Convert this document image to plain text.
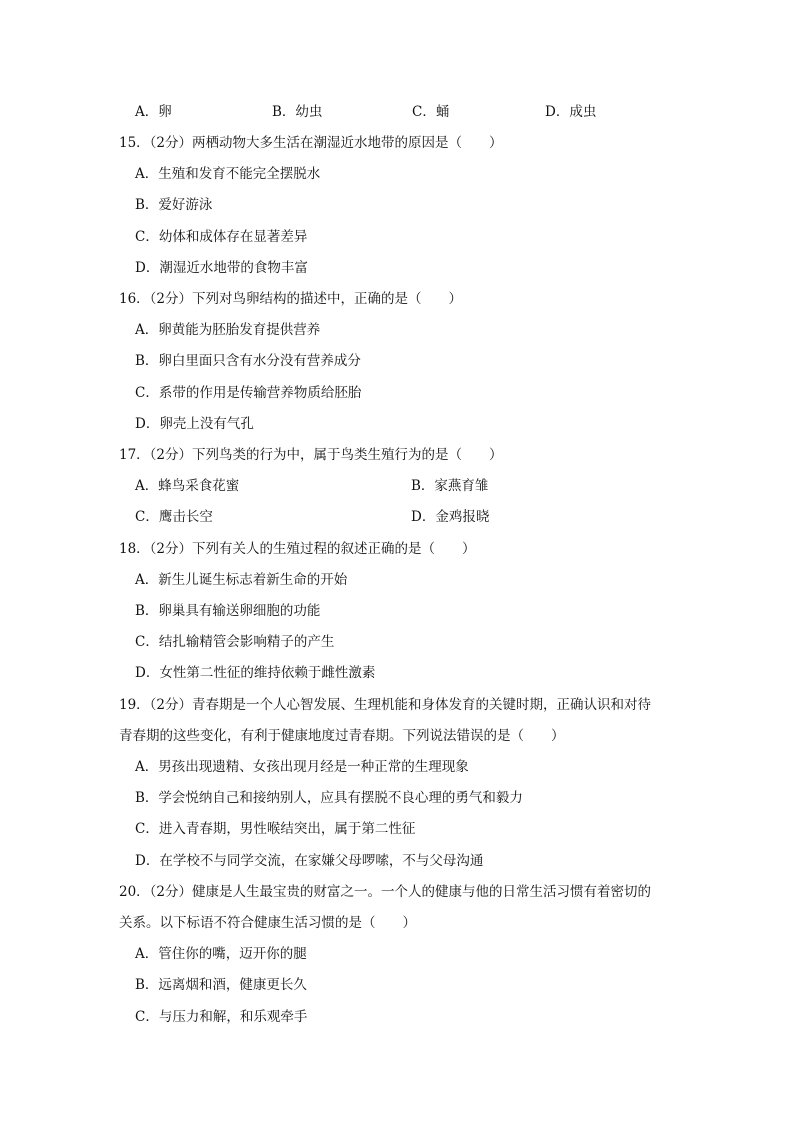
A．卵	B．幼虫	C．蛹	D．成虫
15．（2分）两栖动物大多生活在潮湿近水地带的原因是（　　）
A．生殖和发育不能完全摆脱水
B．爱好游泳
C．幼体和成体存在显著差异
D．潮湿近水地带的食物丰富
16．（2分）下列对鸟卵结构的描述中，正确的是（　　）
A．卵黄能为胚胎发育提供营养
B．卵白里面只含有水分没有营养成分
C．系带的作用是传输营养物质给胚胎
D．卵壳上没有气孔
17．（2分）下列鸟类的行为中，属于鸟类生殖行为的是（　　）
A．蜂鸟采食花蜜	B．家燕育雏
C．鹰击长空	D．金鸡报晓
18．（2分）下列有关人的生殖过程的叙述正确的是（　　）
A．新生儿诞生标志着新生命的开始
B．卵巢具有输送卵细胞的功能
C．结扎输精管会影响精子的产生
D．女性第二性征的维持依赖于雌性激素
19．（2分）青春期是一个人心智发展、生理机能和身体发育的关键时期，正确认识和对待
青春期的这些变化，有利于健康地度过青春期。下列说法错误的是（　　）
A．男孩出现遗精、女孩出现月经是一种正常的生理现象
B．学会悦纳自己和接纳别人，应具有摆脱不良心理的勇气和毅力
C．进入青春期，男性喉结突出，属于第二性征
D．在学校不与同学交流，在家嫌父母啰嗦，不与父母沟通
20．（2分）健康是人生最宝贵的财富之一。一个人的健康与他的日常生活习惯有着密切的
关系。以下标语不符合健康生活习惯的是（　　）
A．管住你的嘴，迈开你的腿
B．远离烟和酒，健康更长久
C．与压力和解，和乐观牵手
